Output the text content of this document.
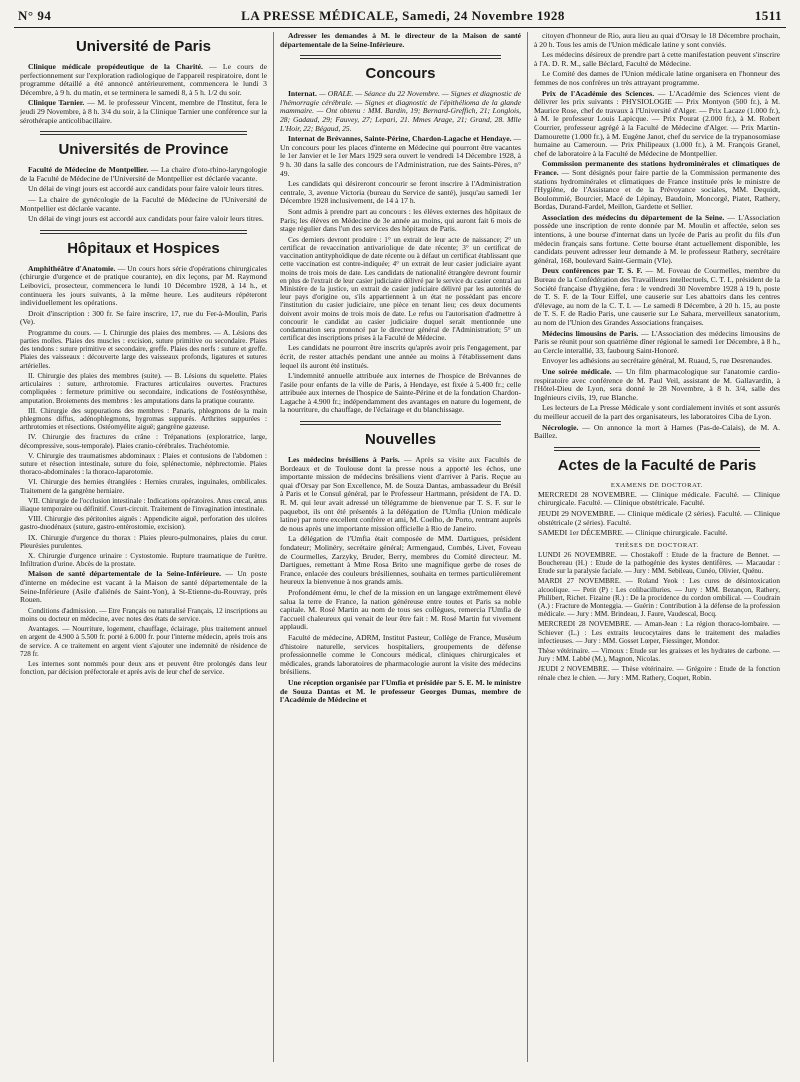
N° 94	LA PRESSE MÉDICALE, Samedi, 24 Novembre 1928	1511
Université de Paris

Clinique médicale propédeutique de la Charité. — Le cours de perfectionnement sur l'exploration radiologique de l'appareil respiratoire, dont le programme détaillé a été annoncé antérieurement, commencera le lundi 3 Décembre, à 9 h. du matin, et se terminera le samedi 8, à 5 h. 1/2 du soir.

Clinique Tarnier. — M. le professeur Vincent, membre de l'Institut, fera le jeudi 29 Novembre, à 8 h. 3/4 du soir, à la Clinique Tarnier une conférence sur la sérothérapie anticolibacillaire.

Universités de Province

Faculté de Médecine de Montpellier. — La chaire d'oto-rhino-laryngologie de la Faculté de Médecine de l'Université de Montpellier est déclarée vacante.

Un délai de vingt jours est accordé aux candidats pour faire valoir leurs titres.

— La chaire de gynécologie de la Faculté de Médecine de l'Université de Montpellier est déclarée vacante.

Un délai de vingt jours est accordé aux candidats pour faire valoir leurs titres.

Hôpitaux et Hospices

Amphithéâtre d'Anatomie. — Un cours hors série d'opérations chirurgicales (chirurgie d'urgence et de pratique courante), en dix leçons, par M. Raymond Leibovici, prosecteur, commencera le lundi 10 Décembre 1928, à 14 h., et continuera les jours suivants, à la même heure. Les auditeurs répéteront individuellement les opérations.

Droit d'inscription : 300 fr. Se faire inscrire, 17, rue du Fer-à-Moulin, Paris (Ve).

Programme du cours. — I. Chirurgie des plaies des membres. — A. Lésions des parties molles. Plaies des muscles : excision, suture primitive ou secondaire. Plaies des tendons : suture primitive et secondaire, greffe. Plaies des nerfs : suture et greffe. Plaies des vaisseaux : découverte large des vaisseaux profonds, ligatures et sutures artérielles.

II. Chirurgie des plaies des membres (suite). — B. Lésions du squelette. Plaies articulaires : suture, arthrotomie. Fractures articulaires ouvertes. Fractures compliquées : fermeture primitive ou secondaire, indications de l'ostéosynthèse, amputation. Broiements des membres : les amputations dans la pratique courante.

III. Chirurgie des suppurations des membres : Panaris, phlegmons de la main phlegmons diffus, adénophlegmons, hygromas suppurés. Arthrites suppurées : arthrotomies et résections. Ostéomyélite aiguë; gangrène gazeuse.

IV. Chirurgie des fractures du crâne : Trépanations (exploratrice, large, décompressive, sous-temporale). Plaies cranio-cérébrales. Trachéotomie.

V. Chirurgie des traumatismes abdominaux : Plaies et contusions de l'abdomen : suture et résection intestinale, suture du foie, splénectomie, néphrectomie. Plaies thoraco-abdominales : la thoraco-laparotomie.

VI. Chirurgie des hernies étranglées : Hernies crurales, inguinales, ombilicales. Traitement de la gangrène herniaire.

VII. Chirurgie de l'occlusion intestinale : Indications opératoires. Anus cœcal, anus iliaque temporaire ou définitif. Court-circuit. Traitement de l'invagination intestinale.

VIII. Chirurgie des péritonites aiguës : Appendicite aiguë, perforation des ulcères gastro-duodénaux (suture, gastro-entérostomie, excision).

IX. Chirurgie d'urgence du thorax : Plaies pleuro-pulmonaires, plaies du cœur. Pleurésies purulentes.

X. Chirurgie d'urgence urinaire : Cystostomie. Rupture traumatique de l'urètre. Infiltration d'urine. Abcès de la prostate.

Maison de santé départementale de la Seine-Inférieure. — Un poste d'interne en médecine est vacant à la Maison de santé départementale de la Seine-Inférieure (Asile d'aliénés de Saint-Yon), à St-Etienne-du-Rouvray, près Rouen.

Conditions d'admission. — Etre Français ou naturalisé Français, 12 inscriptions au moins ou docteur en médecine, avec notes des états de service.

Avantages. — Nourriture, logement, chauffage, éclairage, plus traitement annuel en argent de 4.900 à 5.500 fr. porté à 6.000 fr. pour l'interne médecin, après trois ans de service. A ce traitement en argent vient s'ajouter une indemnité de résidence de 728 fr.

Les internes sont nommés pour deux ans et peuvent être prolongés dans leur fonction, par décision préfectorale et après avis de leur chef de service.

Adresser les demandes à M. le directeur de la Maison de santé départementale de la Seine-Inférieure.

Concours

Internat. — ORALE. — Séance du 22 Novembre. — Signes et diagnostic de l'hémorragie cérébrale. — Signes et diagnostic de l'épithélioma de la glande mammaire. — Ont obtenu : MM. Bardin, 19; Bernard-Greffich, 21; Longlois, 28; Gadaud, 29; Fauvey, 27; Lepari, 21. Mmes Arage, 21; Grand, 28. Mlle L'Hoir, 22; Bégaud, 25.

Internat de Brévannes, Sainte-Périne, Chardon-Lagache et Hendaye. — Un concours pour les places d'interne en Médecine qui pourront être vacantes le 1er Janvier et le 1er Mars 1929 sera ouvert le vendredi 14 Décembre 1928, à 9 h. 30 dans la salle des concours de l'Administration, rue des Saints-Pères, n° 49.

Les candidats qui désireront concourir se feront inscrire à l'Administration centrale, 3, avenue Victoria (bureau du Service de santé), jusqu'au samedi 1er Décembre 1928 inclusivement, de 14 à 17 h.

Sont admis à prendre part au concours : les élèves externes des hôpitaux de Paris; les élèves en Médecine de 3e année au moins, qui auront fait 6 mois de stage régulier dans l'un des services des hôpitaux de Paris.

Ces derniers devront produire : 1° un extrait de leur acte de naissance; 2° un certificat de revaccination antivariolique de date récente; 3° un certificat de vaccination antityphoïdique de date récente ou à défaut un certificat établissant que cette vaccination est contre-indiquée; 4° un extrait de leur casier judiciaire ayant moins de trois mois de date. Les candidats de nationalité étrangère devront fournir en plus de l'extrait de leur casier judiciaire délivré par le service du casier central au Ministère de la justice, un extrait de casier judiciaire délivré par les autorités de leur pays d'origine ou, s'ils appartiennent à un état ne possédant pas encore l'institution du casier judiciaire, une pièce en tenant lieu; ces deux documents doivent avoir moins de trois mois de date. Le refus ou l'autorisation d'admettre à concourir le candidat au casier judiciaire duquel serait mentionnée une condamnation sera prononcé par le directeur général de l'Administration; 5° un certificat des inscriptions prises à la Faculté de Médecine.

Les candidats ne pourront être inscrits qu'après avoir pris l'engagement, par écrit, de rester attachés pendant une année au moins à l'établissement dans lequel ils auront été institués.

L'indemnité annuelle attribuée aux internes de l'hospice de Brévannes de l'asile pour enfants de la ville de Paris, à Hendaye, est fixée à 5.400 fr.; celle attribuée aux internes de l'hospice de Sainte-Périne et de la fondation Chardon-Lagache à 4.900 fr.; indépendamment des avantages en nature du logement, de la nourriture, du chauffage, de l'éclairage et du blanchissage.

Nouvelles

Les médecins brésiliens à Paris. — Après sa visite aux Facultés de Bordeaux et de Toulouse dont la presse nous a apporté les échos, une importante mission de médecins brésiliens vient d'arriver à Paris. Reçue au quai d'Orsay par Son Excellence, M. de Souza Dantas, ambassadeur du Brésil à Paris et le Consul général, par le Professeur Hartmann, président de l'A. D. R. M. qui leur avait adressé un télégramme de bienvenue par T. S. F. sur le paquebot, ils ont été présentés à la délégation de l'Umfia (Union médicale latine) par notre excellent confrère et ami, M. Coelho, de Porto, rentrant auprès de nous après une importante mission officielle à Rio de Janeiro.

La délégation de l'Umfia était composée de MM. Dartigues, président fondateur; Molinéry, secrétaire général; Armengaud, Combés, Livet, Foveau de Courmelles, Zarzyky, Bruder, Berry, membres du Comité directeur. M. Dartigues, remettant à Mme Rosa Brito une magnifique gerbe de roses de France, enlacée des couleurs brésiliennes, souhaita en termes particulièrement heureux la bienvenue à nos grands amis.

Profondément ému, le chef de la mission en un langage extrêmement élevé salua la terre de France, la nation généreuse entre toutes et Paris sa noble capitale. M. Rosé Martin au nom de tous ses collègues, remercia l'Umfia de l'accueil chaleureux qui venait de leur être fait : M. Rosé Martin fut vivement applaudi.

Faculté de médecine, ADRM, Institut Pasteur, Collège de France, Muséum d'histoire naturelle, services hospitaliers, groupements de défense professionnelle comme le Concours médical, cliniques chirurgicales et médicales, grands laboratoires de pharmacologie auront la visite des médecins brésiliens.

Une réception organisée par l'Umfia et présidée par S. E. M. le ministre de Souza Dantas et M. le professeur Georges Dumas, membre de l'Académie de Médecine et

citoyen d'honneur de Rio, aura lieu au quai d'Orsay le 18 Décembre prochain, à 20 h. Tous les amis de l'Union médicale latine y sont conviés.

Les médecins désireux de prendre part à cette manifestation peuvent s'inscrire à l'A. D. R. M., salle Béclard, Faculté de Médecine.

Le Comité des dames de l'Union médicale latine organisera en l'honneur des femmes de nos confrères un très attrayant programme.

Prix de l'Académie des Sciences. — L'Académie des Sciences vient de délivrer les prix suivants : PHYSIOLOGIE — Prix Montyon (500 fr.), à M. Maurice Rose, chef de travaux à l'Université d'Alger. — Prix Lacaze (1.000 fr.), à M. le professeur Louis Lapicque. — Prix Pourat (2.000 fr.), à M. Robert Courrier, professeur agrégé à la Faculté de Médecine d'Alger. — Prix Martin-Damourette (1.000 fr.), à M. Eugène Janot, chef du service de la trypanosomiase humaine au Cameroun. — Prix Philipeaux (1.000 fr.), à M. François Granel, chef de laboratoire à la Faculté de Médecine de Montpellier.

Commission permanente des stations hydrominérales et climatiques de France. — Sont désignés pour faire partie de la Commission permanente des stations hydrominérales et climatiques de France instituée près le ministre de l'Hygiène, de l'Assistance et de la Prévoyance sociales, MM. Dequidt, Boulommié, Bourcier, Macé de Lépinay, Baudoin, Moncorgé, Piatet, Rathery, Bordas, Durand-Fardel, Meillon, Gardette et Sellier.

Association des médecins du département de la Seine. — L'Association possède une inscription de rente donnée par M. Moulin et affectée, selon ses intentions, à une bourse d'internat dans un lycée de Paris au profit du fils d'un médecin français sans fortune. Cette bourse étant actuellement disponible, les candidats peuvent adresser leur demande à M. le professeur Rathery, secrétaire général, 168, boulevard Saint-Germain (VIe).

Deux conférences par T. S. F. — M. Foveau de Courmelles, membre du Bureau de la Confédération des Travailleurs intellectuels, C. T. I., président de la Société française d'hygiène, fera : le vendredi 30 Novembre 1928 à 19 h, poste de T. S. F. de la Tour Eiffel, une causerie sur Les abattoirs dans les centres d'élevage, au nom de la C. T. I. — Le samedi 8 Décembre, à 20 h. 15, au poste de T. S. F. de Radio Paris, une causerie sur Le Sahara, merveilleux sanatorium, au nom de l'Union des Grandes Associations françaises.

Médecins limousins de Paris. — L'Association des médecins limousins de Paris se réunit pour son quatrième dîner régional le samedi 1er Décembre, à 8 h., au Cercle interallié, 33, faubourg Saint-Honoré.

Envoyer les adhésions au secrétaire général, M. Ruaud, 5, rue Desrenaudes.

Une soirée médicale. — Un film pharmacologique sur l'anatomie cardio-respiratoire avec conférence de M. Paul Veil, assistant de M. Gallavardin, à l'Hôtel-Dieu de Lyon, sera donné le 28 Novembre, à 8 h. 3/4, salle des Ingénieurs civils, 19, rue Blanche.

Les lecteurs de La Presse Médicale y sont cordialement invités et sont assurés du meilleur accueil de la part des organisateurs, les laboratoires Ciba de Lyon.

Nécrologie. — On annonce la mort à Harnes (Pas-de-Calais), de M. A. Baillez.

Actes de la Faculté de Paris
EXAMENS DE DOCTORAT.

MERCREDI 28 NOVEMBRE. — Clinique médicale. Faculté. — Clinique chirurgicale. Faculté. — Clinique obstétricale. Faculté.

JEUDI 29 NOVEMBRE. — Clinique médicale (2 séries). Faculté. — Clinique obstétricale (2 séries). Faculté.

SAMEDI 1er DÉCEMBRE. — Clinique chirurgicale. Faculté.

THÈSES DE DOCTORAT.

LUNDI 26 NOVEMBRE. — Chostakoff : Etude de la fracture de Bennet. — Bouchereau (H.) : Etude de la pathogénie des kystes dentifères. — Macaudar : Etude sur la paralysie faciale. — Jury : MM. Sebileau, Cunéo, Olivier, Quénu.

MARDI 27 NOVEMBRE. — Roland Yeok : Les cures de désintoxication alcoolique. — Petit (P) : Les colibacilluries. — Jury : MM. Bezançon, Rathery, Philibert, Richet. Fizaine (R.) : De la procidence du cordon ombilical. — Coudrain (A.) : Fracture de Monteggia. — Guérin : Contribution à la défense de la profession médicale. — Jury : MM. Brindeau, J. Faure, Vaudescal, Bocq.

MERCREDI 28 NOVEMBRE. — Aman-Jean : La région thoraco-lombaire. — Schiever (L.) : Les extraits leucocytaires dans le traitement des maladies infectieuses. — Jury : MM. Gosset Lœper, Fiessinger, Mondor.

Thèse vétérinaire. — Vimoux : Etude sur les graisses et les hydrates de carbone. — Jury : MM. Labbé (M.), Magnon, Nicolas.

JEUDI 2 NOVEMBRE. — Thèse vétérinaire. — Grégoire : Etude de la fonction rénale chez le chien. — Jury : MM. Rathery, Coquet, Robin.
